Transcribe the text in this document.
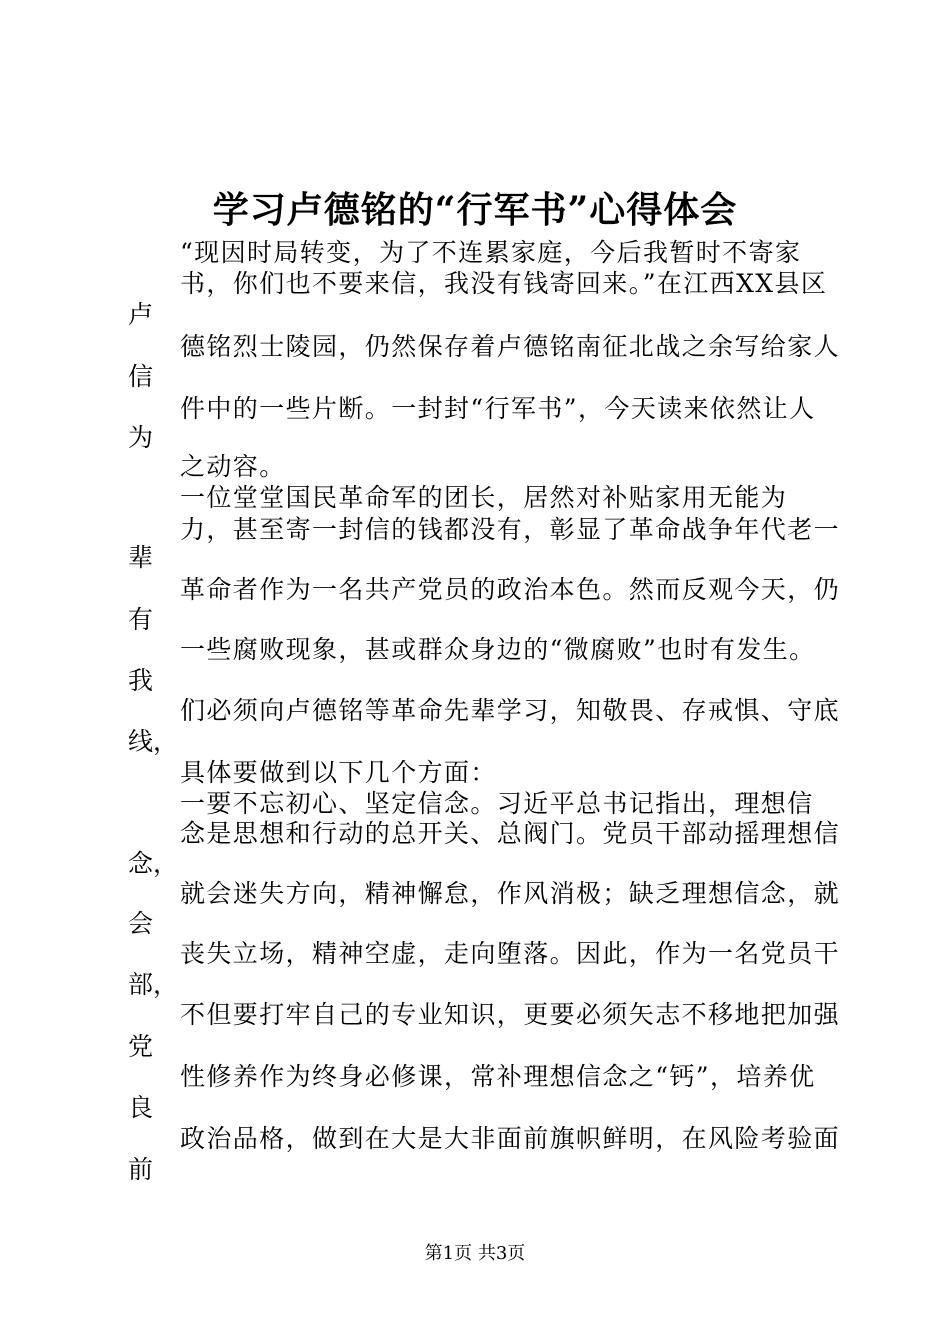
学习卢德铭的“行军书”心得体会
“现因时局转变，为了不连累家庭，今后我暂时不寄家
书，你们也不要来信，我没有钱寄回来。”在江西XX县区
德铭烈士陵园，仍然保存着卢德铭南征北战之余写给家人
件中的一些片断。一封封“行军书”，今天读来依然让人
之动容。
一位堂堂国民革命军的团长，居然对补贴家用无能为
力，甚至寄一封信的钱都没有，彰显了革命战争年代老一
革命者作为一名共产党员的政治本色。然而反观今天，仍
一些腐败现象，甚或群众身边的“微腐败”也时有发生。
们必须向卢德铭等革命先辈学习，知敬畏、存戒惧、守底
具体要做到以下几个方面：
一要不忘初心、坚定信念。习近平总书记指出，理想信
念是思想和行动的总开关、总阀门。党员干部动摇理想信
就会迷失方向，精神懈怠，作风消极；缺乏理想信念，就
丧失立场，精神空虚，走向堕落。因此，作为一名党员干
不但要打牢自己的专业知识，更要必须矢志不移地把加强
性修养作为终身必修课，常补理想信念之“钙”，培养优
政治品格，做到在大是大非面前旗帜鲜明，在风险考验面
卢
信
为
辈
有
我
线，
念，
会
部，
党
良
前
第1页 共3页
